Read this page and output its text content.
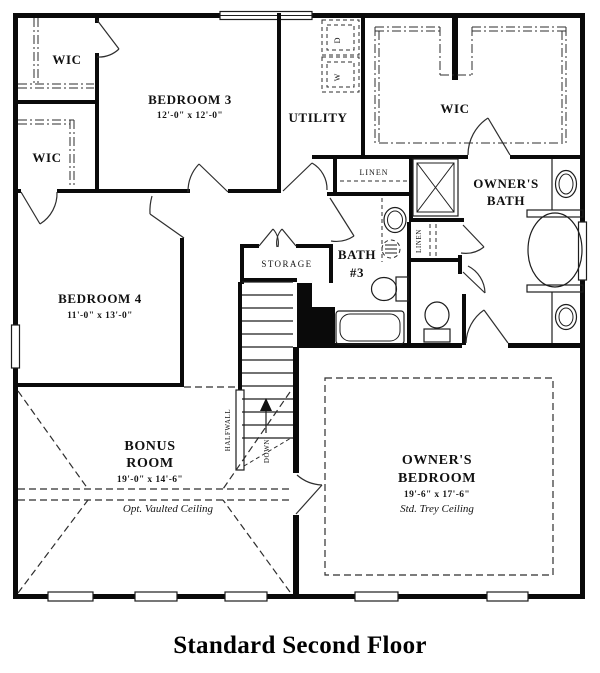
WIC
WIC
BEDROOM 3
12'-0" x 12'-0"	UTILITY
WIC
OWNER'S
BATH
BATH
#3
LINEN
LINEN
STORAGE
BEDROOM 4
11'-0" x 13'-0"
BONUS
ROOM
19'-0" x 14'-6"
Opt. Vaulted Ceiling
OWNER'S
BEDROOM
19'-6" x 17'-6"
Std. Trey Ceiling
HALFWALL	DOWN
D
W
Standard Second Floor
